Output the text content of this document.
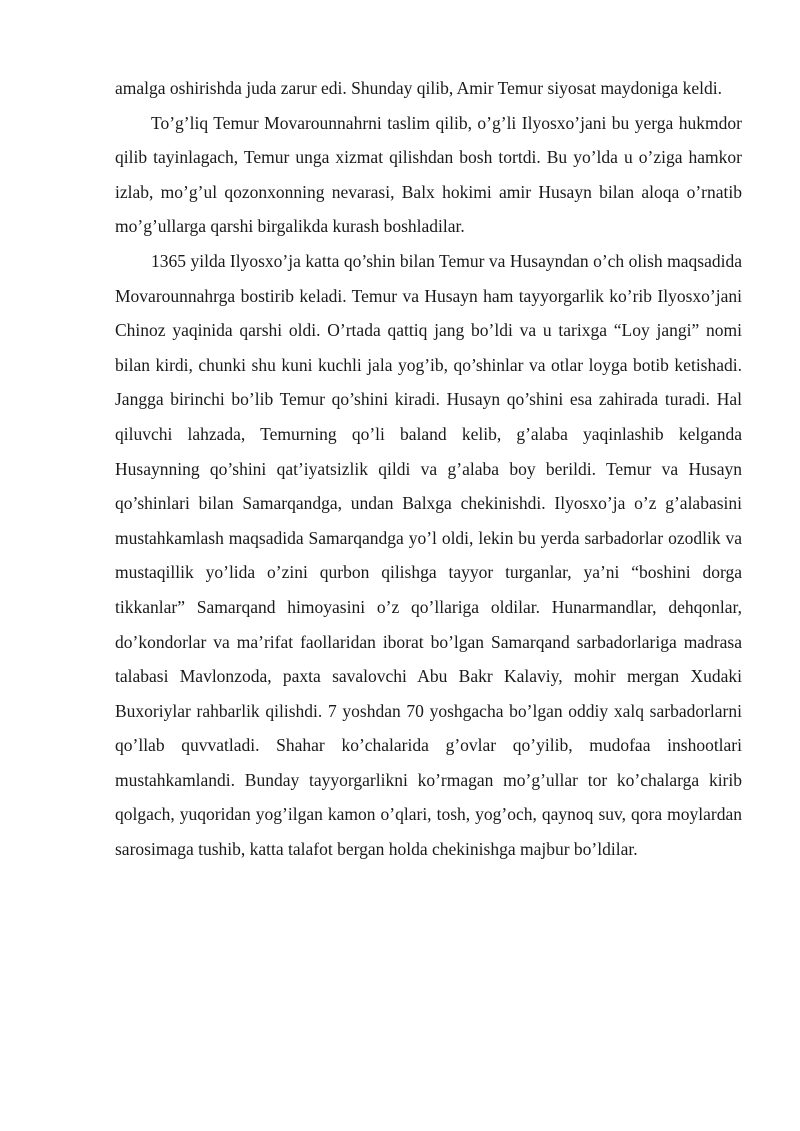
amalga oshirishda juda zarur edi. Shunday qilib, Amir Temur siyosat maydoniga keldi.

To’g’liq Temur Movarounnahrni taslim qilib, o’g’li Ilyosxo’jani bu yerga hukmdor qilib tayinlagach, Temur unga xizmat qilishdan bosh tortdi. Bu yo’lda u o’ziga hamkor izlab, mo’g’ul qozonxonning nevarasi, Balx hokimi amir Husayn bilan aloqa o’rnatib mo’g’ullarga qarshi birgalikda kurash boshladilar.

1365 yilda Ilyosxo’ja katta qo’shin bilan Temur va Husayndan o’ch olish maqsadida Movarounnahrga bostirib keladi. Temur va Husayn ham tayyorgarlik ko’rib Ilyosxo’jani Chinoz yaqinida qarshi oldi. O’rtada qattiq jang bo’ldi va u tarixga “Loy jangi” nomi bilan kirdi, chunki shu kuni kuchli jala yog’ib, qo’shinlar va otlar loyga botib ketishadi. Jangga birinchi bo’lib Temur qo’shini kiradi. Husayn qo’shini esa zahirada turadi. Hal qiluvchi lahzada, Temurning qo’li baland kelib, g’alaba yaqinlashib kelganda Husaynning qo’shini qat’iyatsizlik qildi va g’alaba boy berildi. Temur va Husayn qo’shinlari bilan Samarqandga, undan Balxga chekinishdi. Ilyosxo’ja o’z g’alabasini mustahkamlash maqsadida Samarqandga yo’l oldi, lekin bu yerda sarbadorlar ozodlik va mustaqillik yo’lida o’zini qurbon qilishga tayyor turganlar, ya’ni “boshini dorga tikkanlar” Samarqand himoyasini o’z qo’llariga oldilar. Hunarmandlar, dehqonlar, do’kondorlar va ma’rifat faollaridan iborat bo’lgan Samarqand sarbadorlariga madrasa talabasi Mavlonzoda, paxta savalovchi Abu Bakr Kalaviy, mohir mergan Xudaki Buxoriylar rahbarlik qilishdi. 7 yoshdan 70 yoshgacha bo’lgan oddiy xalq sarbadorlarni qo’llab quvvatladi. Shahar ko’chalarida g’ovlar qo’yilib, mudofaa inshootlari mustahkamlandi. Bunday tayyorgarlikni ko’rmagan mo’g’ullar tor ko’chalarga kirib qolgach, yuqoridan yog’ilgan kamon o’qlari, tosh, yog’och, qaynoq suv, qora moylardan sarosimaga tushib, katta talafot bergan holda chekinishga majbur bo’ldilar.
